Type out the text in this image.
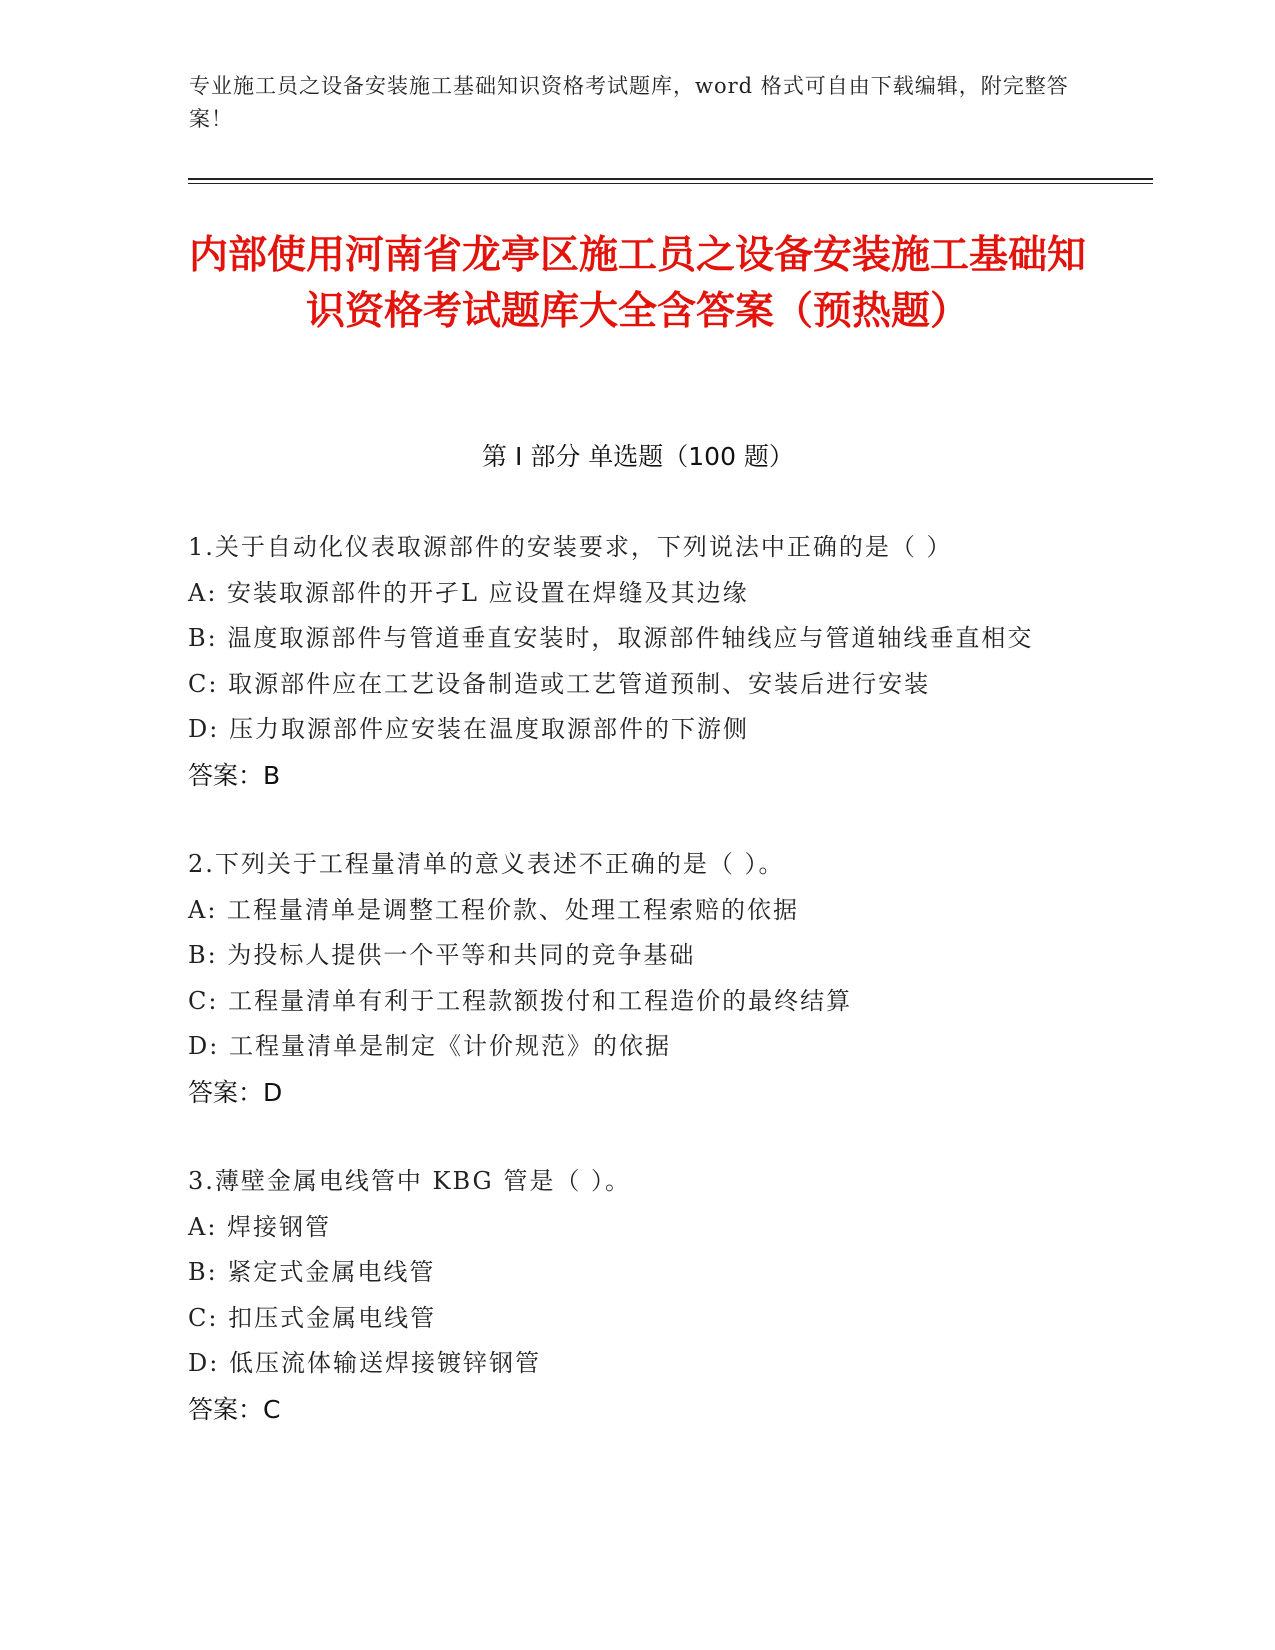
专业施工员之设备安装施工基础知识资格考试题库，word 格式可自由下载编辑，附完整答案！
内部使用河南省龙亭区施工员之设备安装施工基础知识资格考试题库大全含答案（预热题）
第 I 部分 单选题（100 题）
1.关于自动化仪表取源部件的安装要求，下列说法中正确的是（ ）
A: 安装取源部件的开孑L 应设置在焊缝及其边缘
B: 温度取源部件与管道垂直安装时，取源部件轴线应与管道轴线垂直相交
C: 取源部件应在工艺设备制造或工艺管道预制、安装后进行安装
D: 压力取源部件应安装在温度取源部件的下游侧
答案：B
2.下列关于工程量清单的意义表述不正确的是（ ）。
A: 工程量清单是调整工程价款、处理工程索赔的依据
B: 为投标人提供一个平等和共同的竞争基础
C: 工程量清单有利于工程款额拨付和工程造价的最终结算
D: 工程量清单是制定《计价规范》的依据
答案：D
3.薄壁金属电线管中 KBG 管是（ ）。
A: 焊接钢管
B: 紧定式金属电线管
C: 扣压式金属电线管
D: 低压流体输送焊接镀锌钢管
答案：C
